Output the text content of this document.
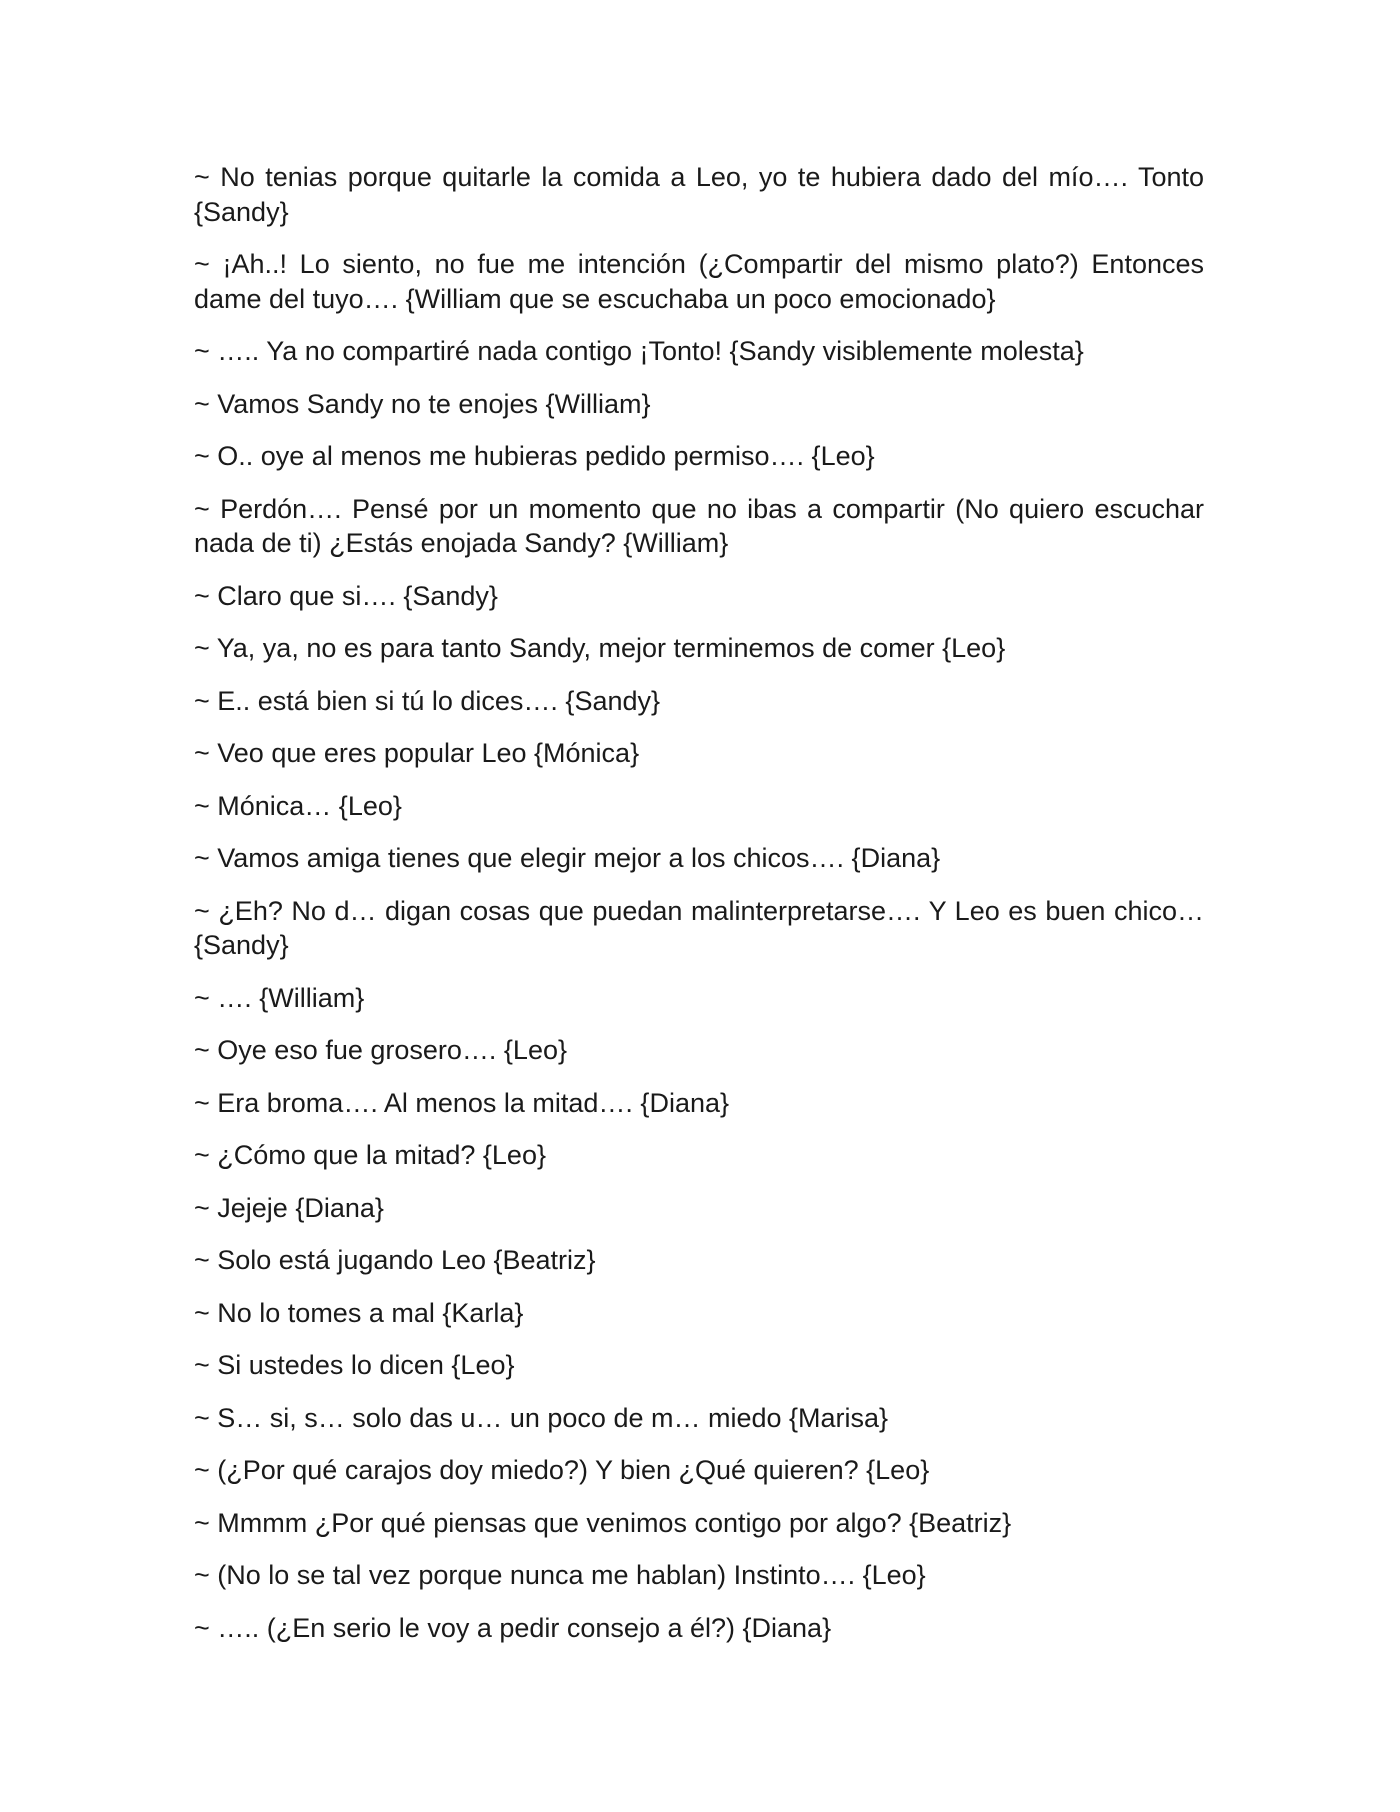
~ No tenias porque quitarle la comida a Leo, yo te hubiera dado del mío…. Tonto {Sandy}

~ ¡Ah..! Lo siento, no fue me intención (¿Compartir del mismo plato?) Entonces dame del tuyo…. {William que se escuchaba un poco emocionado}

~ ….. Ya no compartiré nada contigo ¡Tonto! {Sandy visiblemente molesta}

~ Vamos Sandy no te enojes {William}

~ O.. oye al menos me hubieras pedido permiso…. {Leo}

~ Perdón…. Pensé por un momento que no ibas a compartir (No quiero escuchar nada de ti) ¿Estás enojada Sandy? {William}

~ Claro que si…. {Sandy}

~ Ya, ya, no es para tanto Sandy, mejor terminemos de comer {Leo}

~ E.. está bien si tú lo dices…. {Sandy}

~ Veo que eres popular Leo {Mónica}

~ Mónica… {Leo}

~ Vamos amiga tienes que elegir mejor a los chicos…. {Diana}

~ ¿Eh? No d… digan cosas que puedan malinterpretarse…. Y Leo es buen chico… {Sandy}

~ …. {William}

~ Oye eso fue grosero…. {Leo}

~ Era broma…. Al menos la mitad…. {Diana}

~ ¿Cómo que la mitad? {Leo}

~ Jejeje {Diana}

~ Solo está jugando Leo {Beatriz}

~ No lo tomes a mal {Karla}

~ Si ustedes lo dicen {Leo}

~ S… si, s… solo das u… un poco de m… miedo {Marisa}

~ (¿Por qué carajos doy miedo?) Y bien ¿Qué quieren? {Leo}

~ Mmmm ¿Por qué piensas que venimos contigo por algo? {Beatriz}

~ (No lo se tal vez porque nunca me hablan) Instinto…. {Leo}

~ ….. (¿En serio le voy a pedir consejo a él?) {Diana}
